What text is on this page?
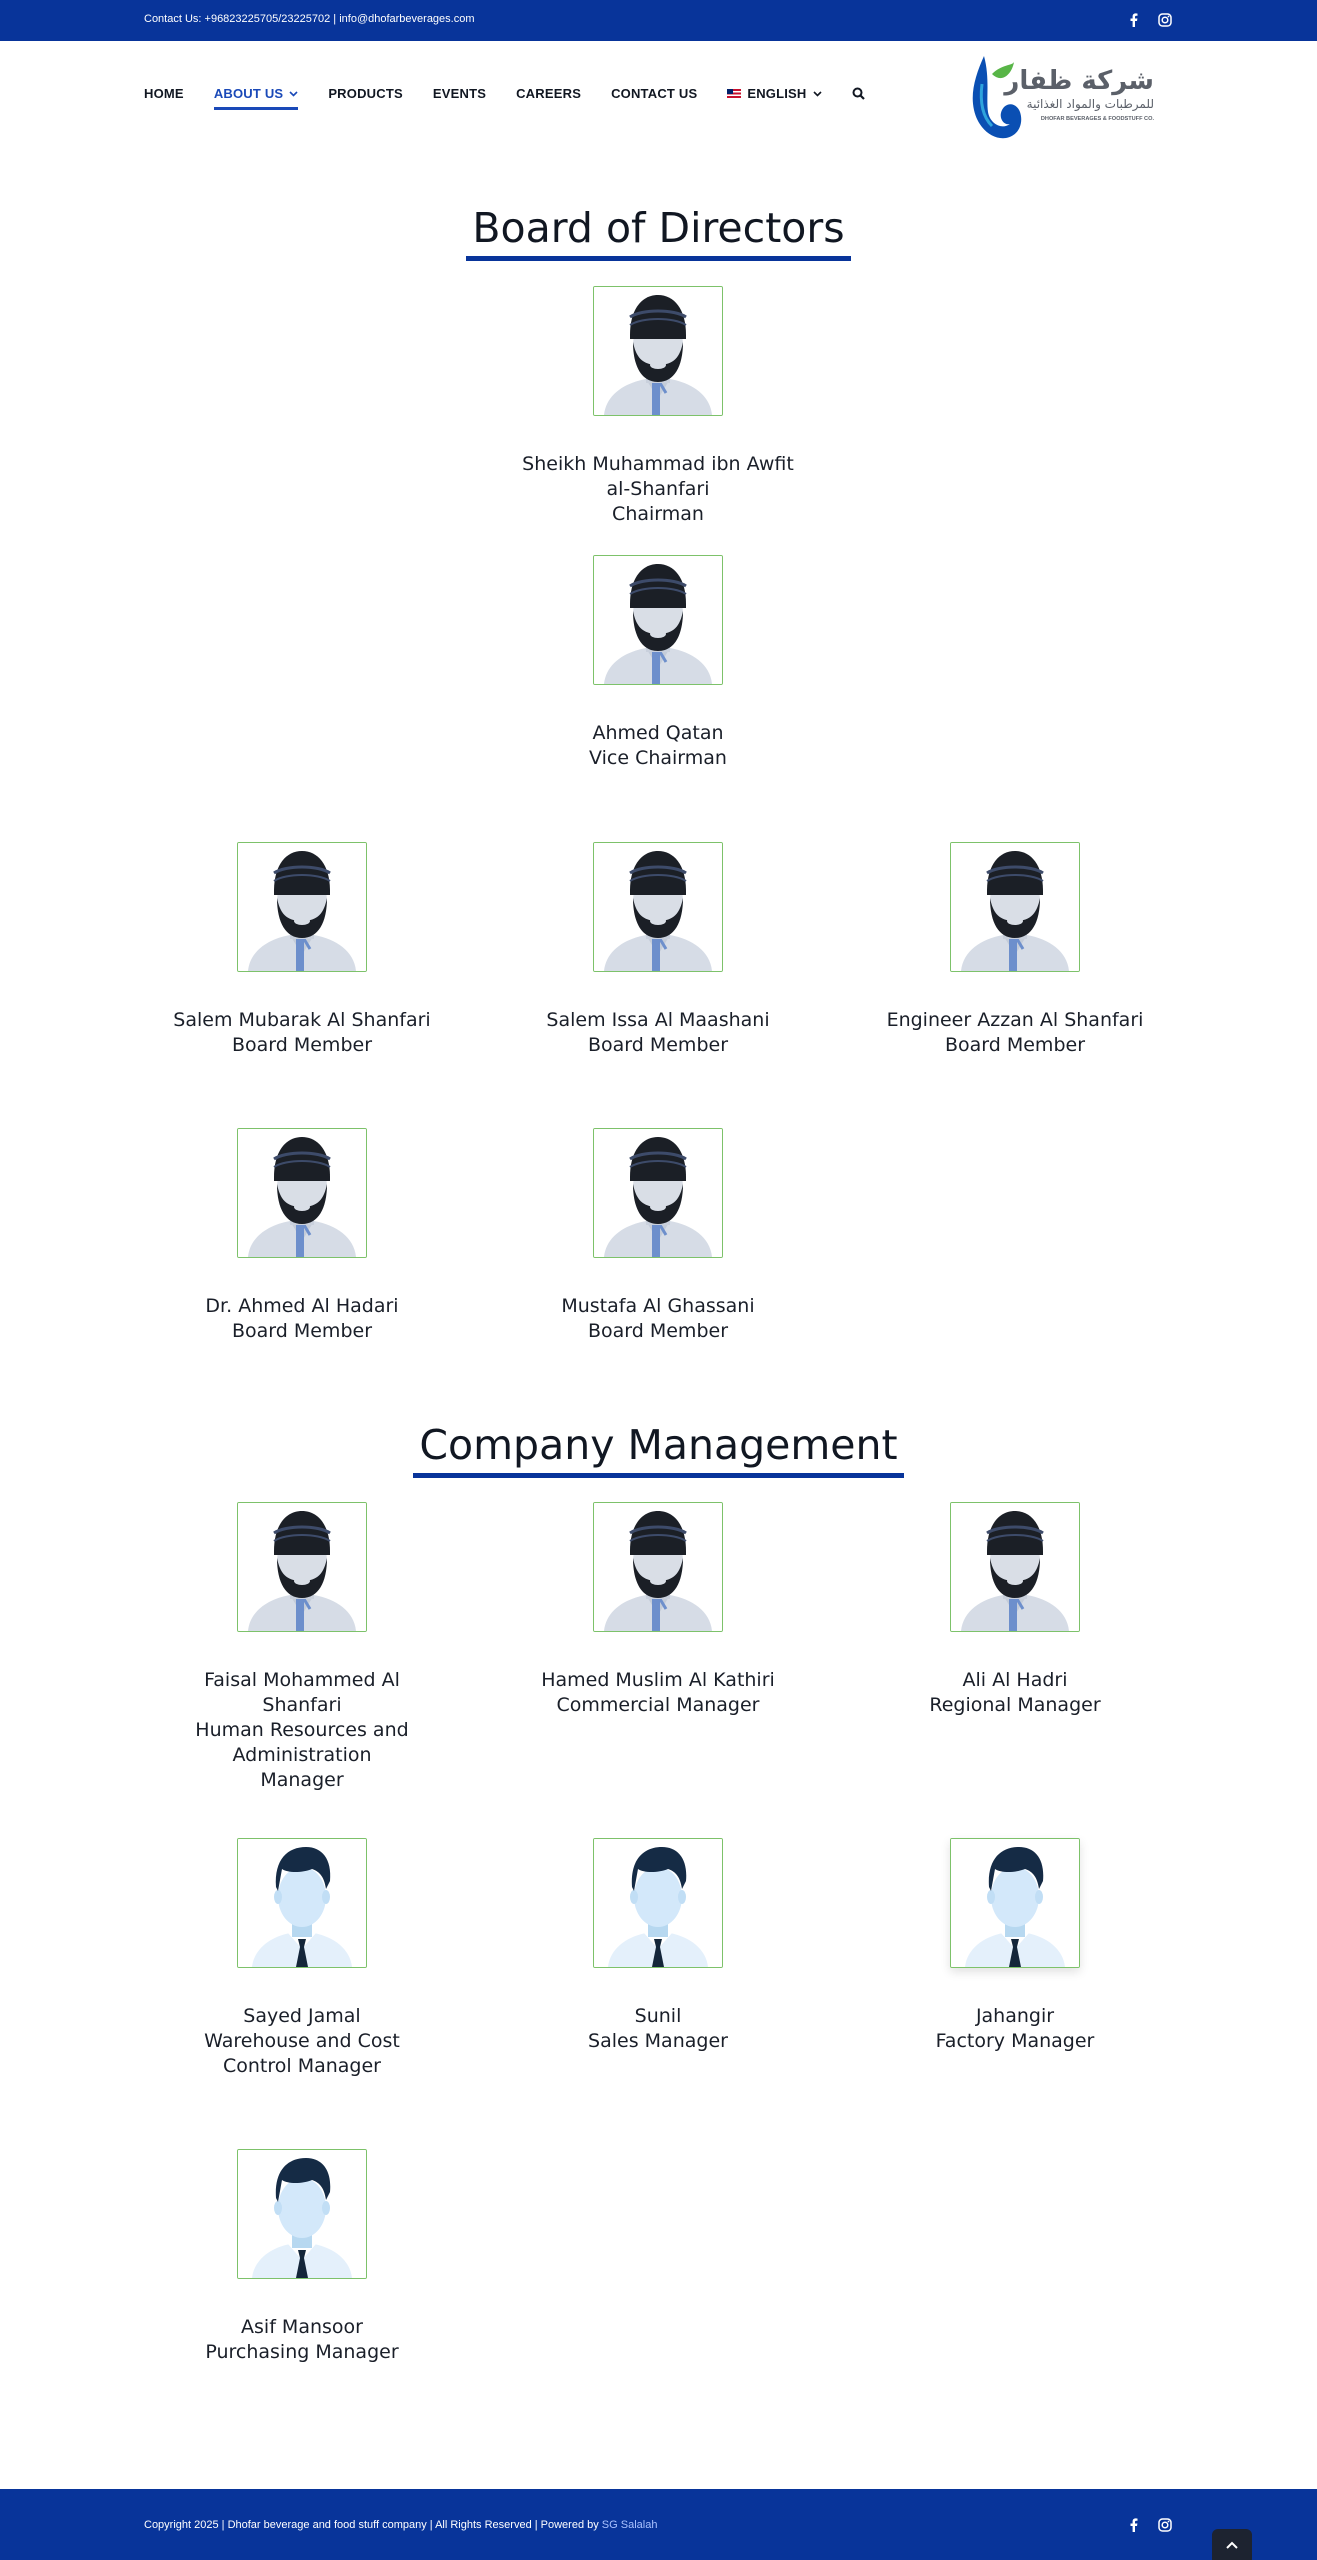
Contact Us: +96823225705/23225702 | info@dhofarbeverages.com
HOME ABOUT US	PRODUCTS EVENTS CAREERS CONTACT US	ENGLISH	شركة ظفار
للمرطبات والمواد الغذائية
DHOFAR BEVERAGES & FOODSTUFF CO.
Board of Directors
Sheikh Muhammad ibn Awfit al-Shanfari
Chairman
Ahmed Qatan
Vice Chairman
Salem Mubarak Al Shanfari
Board Member
Salem Issa Al Maashani
Board Member
Engineer Azzan Al Shanfari
Board Member
Dr. Ahmed Al Hadari
Board Member
Mustafa Al Ghassani
Board Member
Company Management
Faisal Mohammed Al Shanfari
Human Resources and Administration Manager
Hamed Muslim Al Kathiri
Commercial Manager
Ali Al Hadri
Regional Manager
Sayed Jamal
Warehouse and Cost Control Manager
Sunil
Sales Manager
Jahangir
Factory Manager
Asif Mansoor
Purchasing Manager
Copyright 2025 | Dhofar beverage and food stuff company | All Rights Reserved | Powered by SG Salalah
